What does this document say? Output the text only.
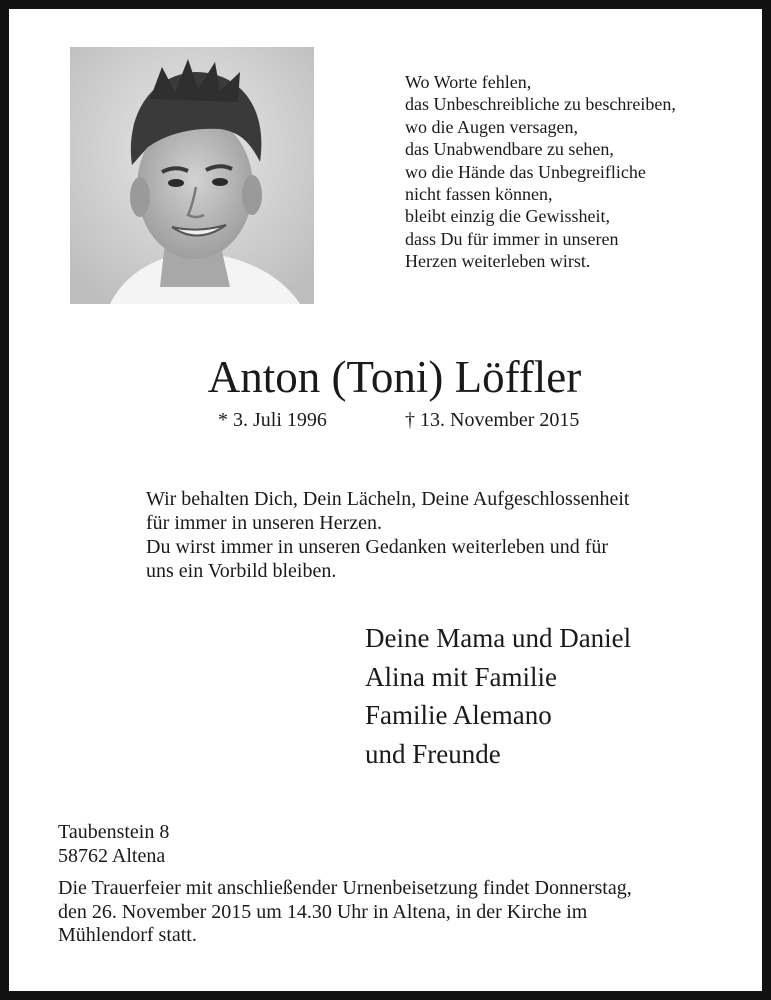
Wo Worte fehlen,
das Unbeschreibliche zu beschreiben,
wo die Augen versagen,
das Unabwendbare zu sehen,
wo die Hände das Unbegreifliche
nicht fassen können,
bleibt einzig die Gewissheit,
dass Du für immer in unseren
Herzen weiterleben wirst.
Anton (Toni) Löffler
* 3. Juli 1996	† 13. November 2015
Wir behalten Dich, Dein Lächeln, Deine Aufgeschlossenheit
für immer in unseren Herzen.
Du wirst immer in unseren Gedanken weiterleben und für
uns ein Vorbild bleiben.
Deine Mama und Daniel
Alina mit Familie
Familie Alemano
und Freunde
Taubenstein 8
58762 Altena
Die Trauerfeier mit anschließender Urnenbeisetzung findet Donnerstag,
den 26. November 2015 um 14.30 Uhr in Altena, in der Kirche im
Mühlendorf statt.
